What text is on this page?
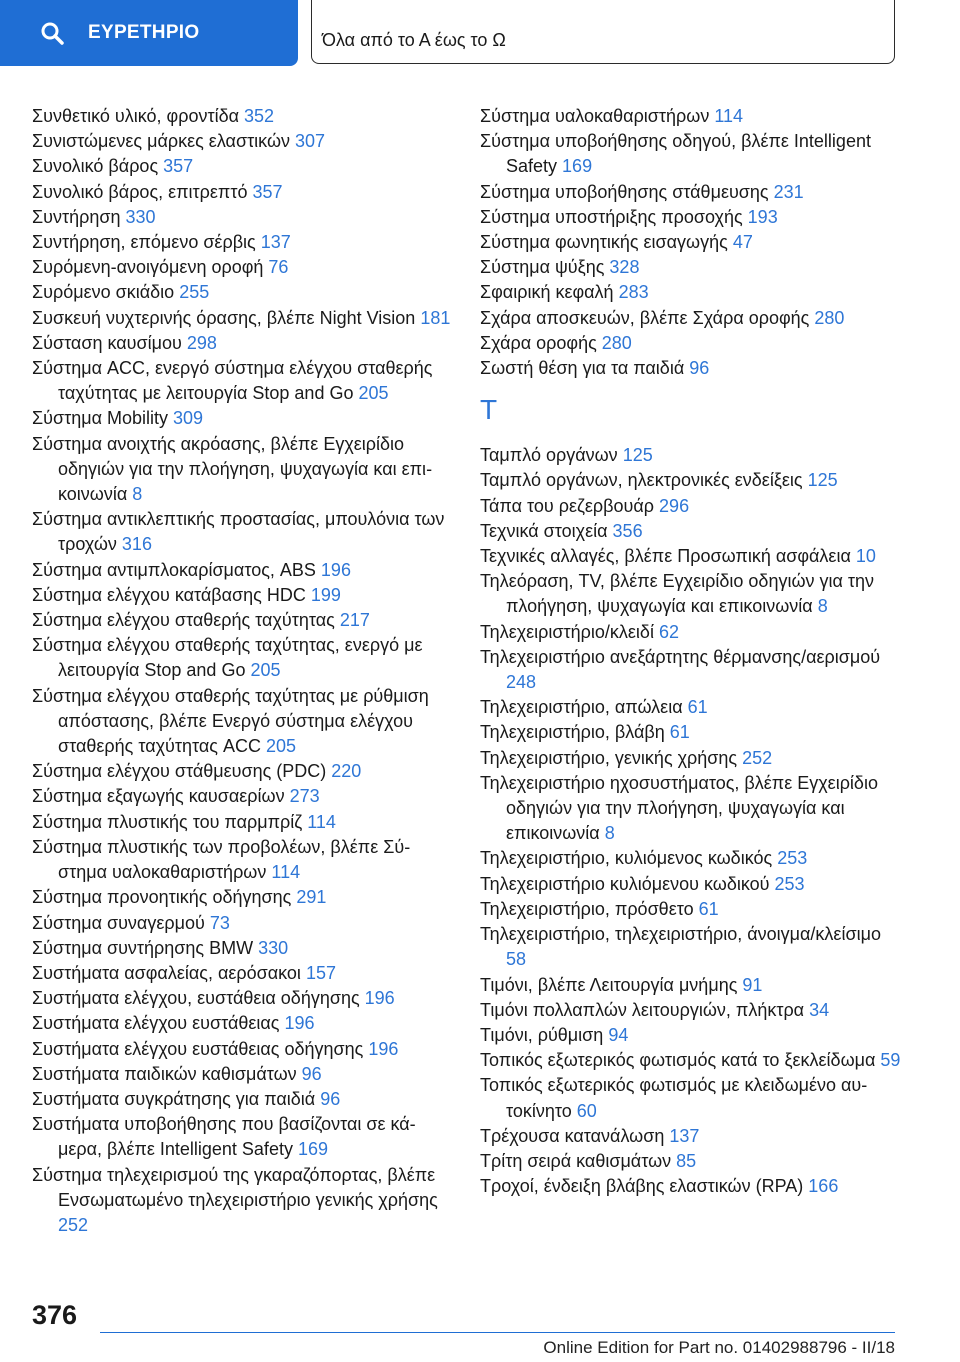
ΕΥΡΕΤΗΡΙΟ	Όλα από το Α έως το Ω
Συνθετικό υλικό, φροντίδα 352
Συνιστώμενες μάρκες ελαστικών 307
Συνολικό βάρος 357
Συνολικό βάρος, επιτρεπτό 357
Συντήρηση 330
Συντήρηση, επόμενο σέρβις 137
Συρόμενη-ανοιγόμενη οροφή 76
Συρόμενο σκιάδιο 255
Συσκευή νυχτερινής όρασης, βλέπε Night Vision 181
Σύσταση καυσίμου 298
Σύστημα ACC, ενεργό σύστημα ελέγχου σταθερής ταχύτητας με λειτουργία Stop and Go 205
Σύστημα Mobility 309
Σύστημα ανοιχτής ακρόασης, βλέπε Εγχειρίδιο οδηγιών για την πλοήγηση, ψυχαγωγία και επικοινωνία 8
Σύστημα αντικλεπτικής προστασίας, μπουλόνια των τροχών 316
Σύστημα αντιμπλοκαρίσματος, ABS 196
Σύστημα ελέγχου κατάβασης HDC 199
Σύστημα ελέγχου σταθερής ταχύτητας 217
Σύστημα ελέγχου σταθερής ταχύτητας, ενεργό με λειτουργία Stop and Go 205
Σύστημα ελέγχου σταθερής ταχύτητας με ρύθμιση απόστασης, βλέπε Ενεργό σύστημα ελέγχου σταθερής ταχύτητας ACC 205
Σύστημα ελέγχου στάθμευσης (PDC) 220
Σύστημα εξαγωγής καυσαερίων 273
Σύστημα πλυστικής του παρμπρίζ 114
Σύστημα πλυστικής των προβολέων, βλέπε Σύστημα υαλοκαθαριστήρων 114
Σύστημα προνοητικής οδήγησης 291
Σύστημα συναγερμού 73
Σύστημα συντήρησης BMW 330
Συστήματα ασφαλείας, αερόσακοι 157
Συστήματα ελέγχου, ευστάθεια οδήγησης 196
Συστήματα ελέγχου ευστάθειας 196
Συστήματα ελέγχου ευστάθειας οδήγησης 196
Συστήματα παιδικών καθισμάτων 96
Συστήματα συγκράτησης για παιδιά 96
Συστήματα υποβοήθησης που βασίζονται σε κάμερα, βλέπε Intelligent Safety 169
Σύστημα τηλεχειρισμού της γκαραζόπορτας, βλέπε Ενσωματωμένο τηλεχειριστήριο γενικής χρήσης 252
Σύστημα υαλοκαθαριστήρων 114
Σύστημα υποβοήθησης οδηγού, βλέπε Intelligent Safety 169
Σύστημα υποβοήθησης στάθμευσης 231
Σύστημα υποστήριξης προσοχής 193
Σύστημα φωνητικής εισαγωγής 47
Σύστημα ψύξης 328
Σφαιρική κεφαλή 283
Σχάρα αποσκευών, βλέπε Σχάρα οροφής 280
Σχάρα οροφής 280
Σωστή θέση για τα παιδιά 96
T
Ταμπλό οργάνων 125
Ταμπλό οργάνων, ηλεκτρονικές ενδείξεις 125
Τάπα του ρεζερβουάρ 296
Τεχνικά στοιχεία 356
Τεχνικές αλλαγές, βλέπε Προσωπική ασφάλεια 10
Τηλεόραση, TV, βλέπε Εγχειρίδιο οδηγιών για την πλοήγηση, ψυχαγωγία και επικοινωνία 8
Τηλεχειριστήριο/κλειδί 62
Τηλεχειριστήριο ανεξάρτητης θέρμανσης/αερισμού 248
Τηλεχειριστήριο, απώλεια 61
Τηλεχειριστήριο, βλάβη 61
Τηλεχειριστήριο, γενικής χρήσης 252
Τηλεχειριστήριο ηχοσυστήματος, βλέπε Εγχειρίδιο οδηγιών για την πλοήγηση, ψυχαγωγία και επικοινωνία 8
Τηλεχειριστήριο, κυλιόμενος κωδικός 253
Τηλεχειριστήριο κυλιόμενου κωδικού 253
Τηλεχειριστήριο, πρόσθετο 61
Τηλεχειριστήριο, τηλεχειριστήριο, άνοιγμα/κλείσιμο 58
Τιμόνι, βλέπε Λειτουργία μνήμης 91
Τιμόνι πολλαπλών λειτουργιών, πλήκτρα 34
Τιμόνι, ρύθμιση 94
Τοπικός εξωτερικός φωτισμός κατά το ξεκλείδωμα 59
Τοπικός εξωτερικός φωτισμός με κλειδωμένο αυτοκίνητο 60
Τρέχουσα κατανάλωση 137
Τρίτη σειρά καθισμάτων 85
Τροχοί, ένδειξη βλάβης ελαστικών (RPA) 166
376
Online Edition for Part no. 01402988796 - II/18
